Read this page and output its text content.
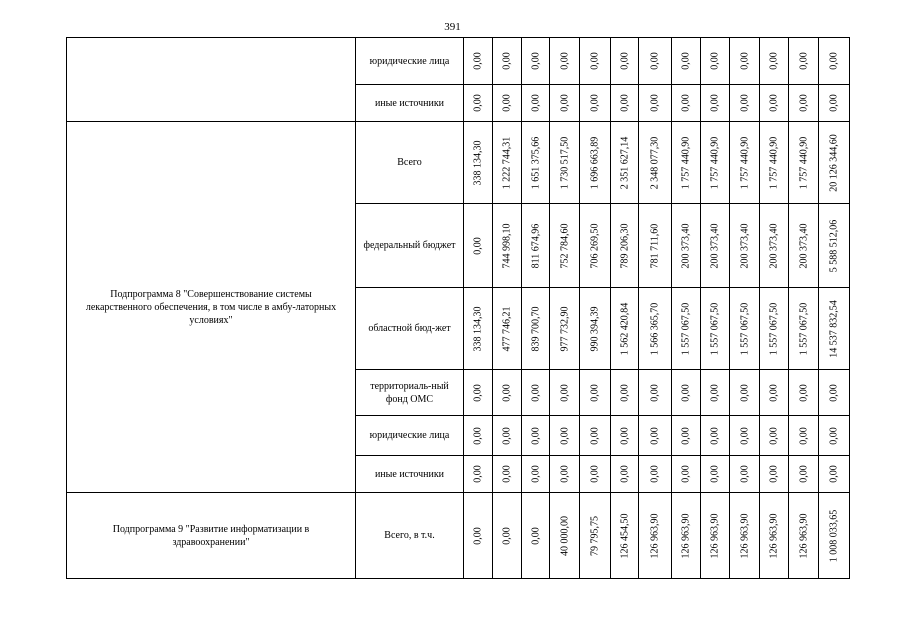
391
	юридические лица	0,00	0,00	0,00	0,00	0,00	0,00	0,00	0,00	0,00	0,00	0,00	0,00	0,00

	иные источники	0,00	0,00	0,00	0,00	0,00	0,00	0,00	0,00	0,00	0,00	0,00	0,00	0,00

Подпрограмма 8 "Совершенствование системы лекарственного обеспечения, в том числе в амбу-латорных условиях"	Всего	338 134,30	1 222 744,31	1 651 375,66	1 730 517,50	1 696 663,89	2 351 627,14	2 348 077,30	1 757 440,90	1 757 440,90	1 757 440,90	1 757 440,90	1 757 440,90	20 126 344,60

	федеральный бюджет	0,00	744 998,10	811 674,96	752 784,60	706 269,50	789 206,30	781 711,60	200 373,40	200 373,40	200 373,40	200 373,40	200 373,40	5 588 512,06

	областной бюд-жет	338 134,30	477 746,21	839 700,70	977 732,90	990 394,39	1 562 420,84	1 566 365,70	1 557 067,50	1 557 067,50	1 557 067,50	1 557 067,50	1 557 067,50	14 537 832,54

	территориаль-ный фонд ОМС	0,00	0,00	0,00	0,00	0,00	0,00	0,00	0,00	0,00	0,00	0,00	0,00	0,00

	юридические лица	0,00	0,00	0,00	0,00	0,00	0,00	0,00	0,00	0,00	0,00	0,00	0,00	0,00

	иные источники	0,00	0,00	0,00	0,00	0,00	0,00	0,00	0,00	0,00	0,00	0,00	0,00	0,00

Подпрограмма 9 "Развитие информатизации в здравоохранении"	Всего, в т.ч.	0,00	0,00	0,00	40 000,00	79 795,75	126 454,50	126 963,90	126 963,90	126 963,90	126 963,90	126 963,90	126 963,90	1 008 033,65
